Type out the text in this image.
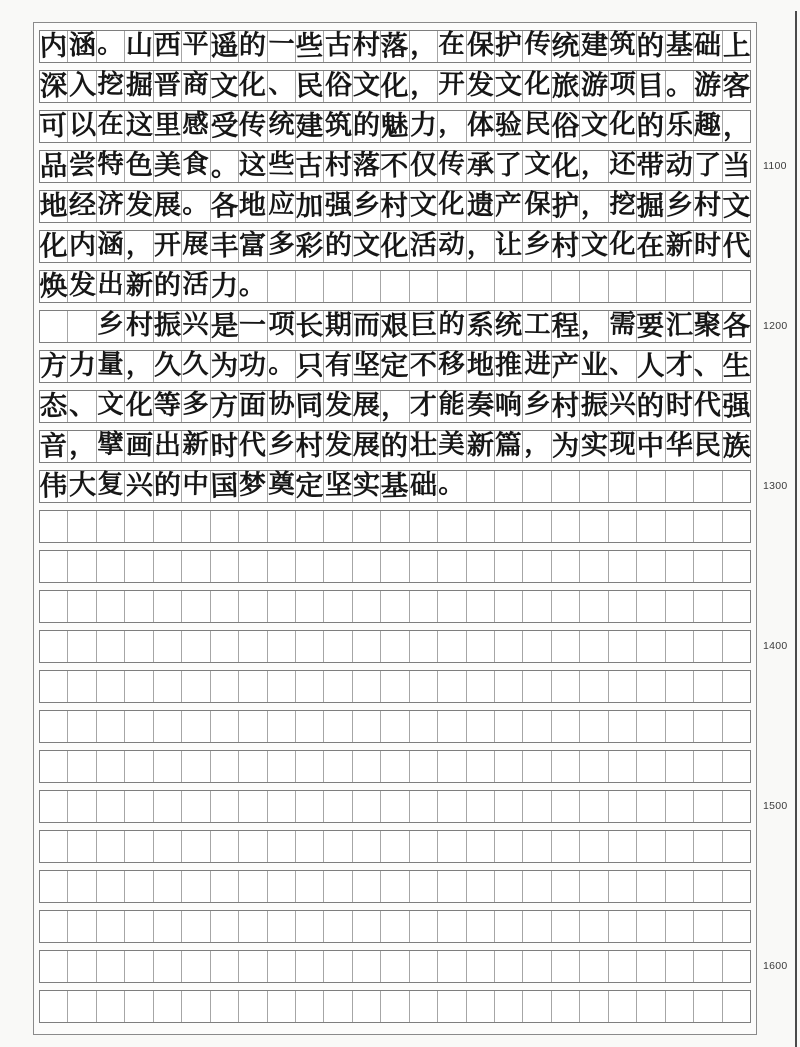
内 涵 。 山 西 平 遥 的 一 些 古 村 落 ， 在 保 护 传 统 建 筑 的 基 础 上
深 入 挖 掘 晋 商 文 化 、 民 俗 文 化 ， 开 发 文 化 旅 游 项 目 。 游 客
可 以 在 这 里 感 受 传 统 建 筑 的 魅 力 ， 体 验 民 俗 文 化 的 乐 趣 ，
品 尝 特 色 美 食 。 这 些 古 村 落 不 仅 传 承 了 文 化 ， 还 带 动 了 当
地 经 济 发 展 。 各 地 应 加 强 乡 村 文 化 遗 产 保 护 ， 挖 掘 乡 村 文
化 内 涵 ， 开 展 丰 富 多 彩 的 文 化 活 动 ， 让 乡 村 文 化 在 新 时 代
焕 发 出 新 的 活 力 。

乡 村 振 兴 是 一 项 长 期 而 艰 巨 的 系 统 工 程 ， 需 要 汇 聚 各
方 力 量 ， 久 久 为 功 。 只 有 坚 定 不 移 地 推 进 产 业 、 人 才 、 生
态 、 文 化 等 多 方 面 协 同 发 展 ， 才 能 奏 响 乡 村 振 兴 的 时 代 强
音 ， 擘 画 出 新 时 代 乡 村 发 展 的 壮 美 新 篇 ， 为 实 现 中 华 民 族
伟 大 复 兴 的 中 国 梦 奠 定 坚 实 基 础 。
1100
1200
1300
1400
1500
1600
